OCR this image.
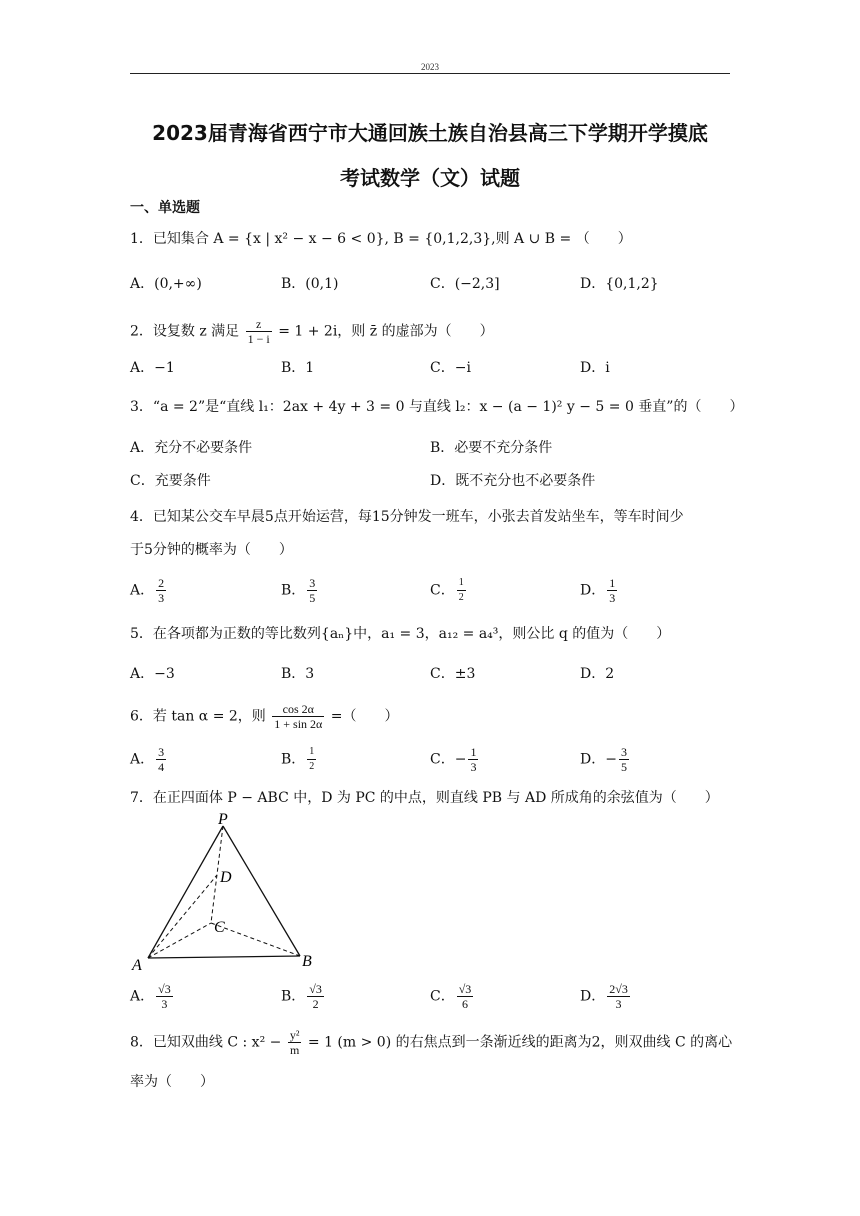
2023
2023届青海省西宁市大通回族土族自治县高三下学期开学摸底
考试数学（文）试题
一、单选题
1．已知集合 A = {x | x² − x − 6 < 0}, B = {0,1,2,3},则 A ∪ B = （　　）
A．(0,+∞)	B．(0,1)	C．(−2,3]	D．{0,1,2}
2．设复数 z 满足 $\frac{z}{1 - i} = 1 + 2i$，则 z̄ 的虚部为（　　）
A．−1	B．1	C．−i	D．i
3．“a = 2”是“直线 l₁：2ax + 4y + 3 = 0 与直线 l₂：x − (a − 1)² y − 5 = 0 垂直”的（　　）
A．充分不必要条件	B．必要不充分条件
C．充要条件	D．既不充分也不必要条件
4．已知某公交车早晨5点开始运营，每15分钟发一班车，小张去首发站坐车，等车时间少
于5分钟的概率为（　　）
A． $\frac{2}{3}$	B． $\frac{3}{5}$	C． $\frac{1}{2}$	D． $\frac{1}{3}$
5．在各项都为正数的等比数列{aₙ}中，a₁ = 3，a₁₂ = a₄³，则公比 q 的值为（　　）
A．−3	B．3	C．±3	D．2
6．若 tan α = 2，则 $\frac{\cos 2\alpha}{1 + \sin 2\alpha}$ =（　　）
A． $\frac{3}{4}$	B． $\frac{1}{2}$	C．− $\frac{1}{3}$	D．− $\frac{3}{5}$
7．在正四面体 P − ABC 中，D 为 PC 的中点，则直线 PB 与 AD 所成角的余弦值为（　　）
P
D
C
A	B
A． $\frac{√3}{3}$	B． $\frac{√3}{2}$	C． $\frac{√3}{6}$	D． $\frac{2√3}{3}$
8．已知双曲线 C : $x^2 - \frac{\text{y²}}{m} = 1$ (m > 0) 的右焦点到一条渐近线的距离为2，则双曲线 C 的离心
率为（　　）
